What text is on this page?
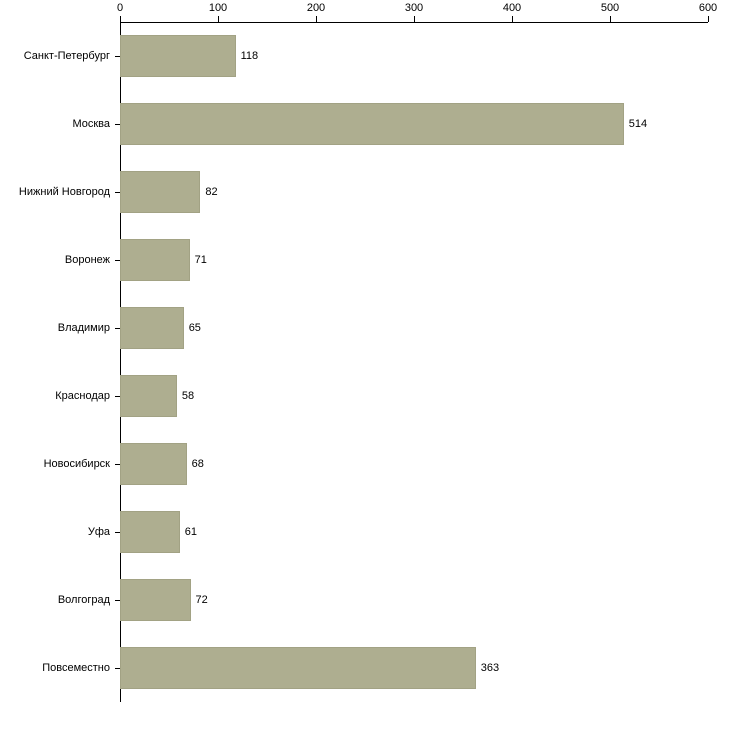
0	100	200	300	400	500	600
Санкт-Петербург
Москва
Нижний Новгород
Воронеж
Владимир
Краснодар
Новосибирск
Уфа
Волгоград
Повсеместно
118
514
82
71
65
58
68
61
72
363
